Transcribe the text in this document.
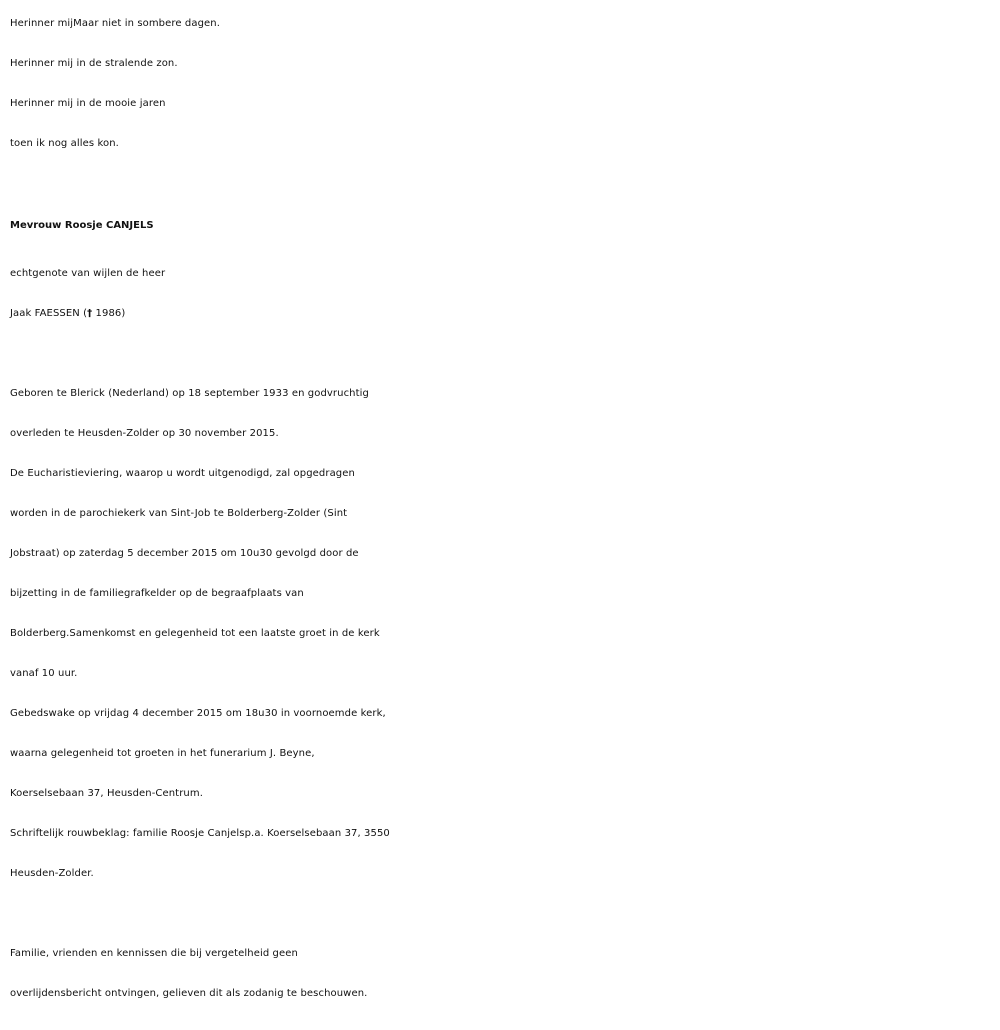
Herinner mijMaar niet in sombere dagen.
Herinner mij in de stralende zon.
Herinner mij in de mooie jaren
toen ik nog alles kon.
Mevrouw Roosje CANJELS
echtgenote van wijlen de heer
Jaak FAESSEN († 1986)
Geboren te Blerick (Nederland) op 18 september 1933 en godvruchtig
overleden te Heusden-Zolder op 30 november 2015.
De Eucharistieviering, waarop u wordt uitgenodigd, zal opgedragen
worden in de parochiekerk van Sint-Job te Bolderberg-Zolder (Sint
Jobstraat) op zaterdag 5 december 2015 om 10u30 gevolgd door de
bijzetting in de familiegrafkelder op de begraafplaats van
Bolderberg.Samenkomst en gelegenheid tot een laatste groet in de kerk
vanaf 10 uur.
Gebedswake op vrijdag 4 december 2015 om 18u30 in voornoemde kerk,
waarna gelegenheid tot groeten in het funerarium J. Beyne,
Koerselsebaan 37, Heusden-Centrum.
Schriftelijk rouwbeklag: familie Roosje Canjelsp.a. Koerselsebaan 37, 3550
Heusden-Zolder.
Familie, vrienden en kennissen die bij vergetelheid geen
overlijdensbericht ontvingen, gelieven dit als zodanig te beschouwen.
